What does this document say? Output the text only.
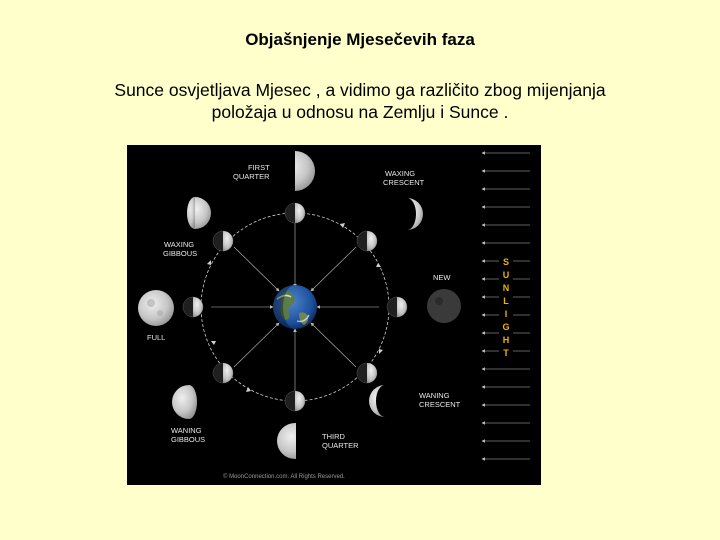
Objašnjenje Mjesečevih faza
Sunce osvjetljava Mjesec , a vidimo ga različito zbog mijenjanja
položaja u odnosu na Zemlju i Sunce .
S
U
N
L
I
G
H
T
FIRST
QUARTER	WAXING
CRESCENT
WAXING
GIBBOUS
NEW
FULL
WANING
CRESCENT
WANING
GIBBOUS	THIRD
QUARTER
© MoonConnection.com. All Rights Reserved.
